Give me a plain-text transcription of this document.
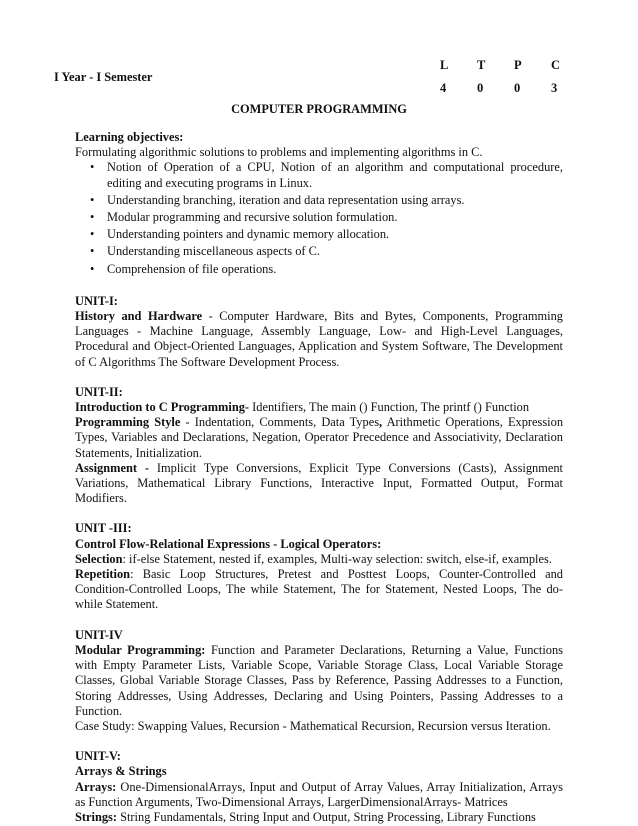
L	T	P	C
4	0	0	3
I Year - I Semester
COMPUTER PROGRAMMING

Learning objectives:

Formulating algorithmic solutions to problems and implementing algorithms in C.

• Notion of Operation of a CPU, Notion of an algorithm and computational procedure, editing and executing programs in Linux.
• Understanding branching, iteration and data representation using arrays.
• Modular programming and recursive solution formulation.
• Understanding pointers and dynamic memory allocation.
• Understanding miscellaneous aspects of C.
• Comprehension of file operations.

UNIT-I:

History and Hardware - Computer Hardware, Bits and Bytes, Components, Programming Languages - Machine Language, Assembly Language, Low- and High-Level Languages, Procedural and Object-Oriented Languages, Application and System Software, The Development of C Algorithms The Software Development Process.

UNIT-II:

Introduction to C Programming- Identifiers, The main () Function, The printf () Function

Programming Style - Indentation, Comments, Data Types, Arithmetic Operations, Expression Types, Variables and Declarations, Negation, Operator Precedence and Associativity, Declaration Statements, Initialization.

Assignment - Implicit Type Conversions, Explicit Type Conversions (Casts), Assignment Variations, Mathematical Library Functions, Interactive Input, Formatted Output, Format Modifiers.

UNIT -III:

Control Flow-Relational Expressions - Logical Operators:

Selection: if-else Statement, nested if, examples, Multi-way selection: switch, else-if, examples.

Repetition: Basic Loop Structures, Pretest and Posttest Loops, Counter-Controlled and Condition-Controlled Loops, The while Statement, The for Statement, Nested Loops, The do-while Statement.

UNIT-IV

Modular Programming: Function and Parameter Declarations, Returning a Value, Functions with Empty Parameter Lists, Variable Scope, Variable Storage Class, Local Variable Storage Classes, Global Variable Storage Classes, Pass by Reference, Passing Addresses to a Function, Storing Addresses, Using Addresses, Declaring and Using Pointers, Passing Addresses to a Function.

Case Study: Swapping Values, Recursion - Mathematical Recursion, Recursion versus Iteration.

UNIT-V:

Arrays & Strings

Arrays: One-DimensionalArrays, Input and Output of Array Values, Array Initialization, Arrays as Function Arguments, Two-Dimensional Arrays, LargerDimensionalArrays- Matrices

Strings: String Fundamentals, String Input and Output, String Processing, Library Functions
